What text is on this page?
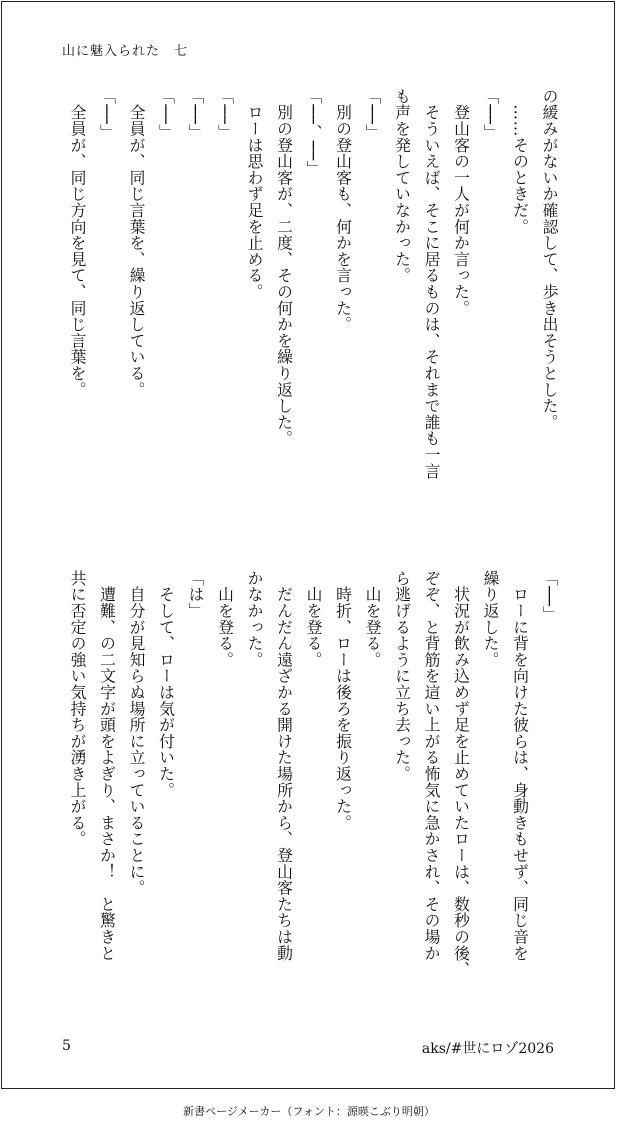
山に魅入られた　七
の緩みがないか確認して、歩き出そうとした。
　……そのときだ。
「──」
　登山客の一人が何か言った。
　そういえば、そこに居るものは、それまで誰も一言
も声を発していなかった。
「──」
　別の登山客も、何かを言った。
「──、──」
　別の登山客が、二度、その何かを繰り返した。
　ローは思わず足を止める。
「──」
「──」
「──」
　全員が、同じ言葉を、繰り返している。
「──」
　全員が、同じ方向を見て、同じ言葉を。
「──」
　ローに背を向けた彼らは、身動きもせず、同じ音を
繰り返した。
　状況が飲み込めず足を止めていたローは、数秒の後、
ぞぞ、と背筋を這い上がる怖気に急かされ、その場か
ら逃げるように立ち去った。
　山を登る。
　時折、ローは後ろを振り返った。
　山を登る。
　だんだん遠ざかる開けた場所から、登山客たちは動
かなかった。
　山を登る。
「は」
　そして、ローは気が付いた。
　自分が見知らぬ場所に立っていることに。
　遭難、の二文字が頭をよぎり、まさか！　と驚きと
共に否定の強い気持ちが湧き上がる。
5	aks/#世にロゾ2026
新書ページメーカー（フォント：源暎こぶり明朝）
